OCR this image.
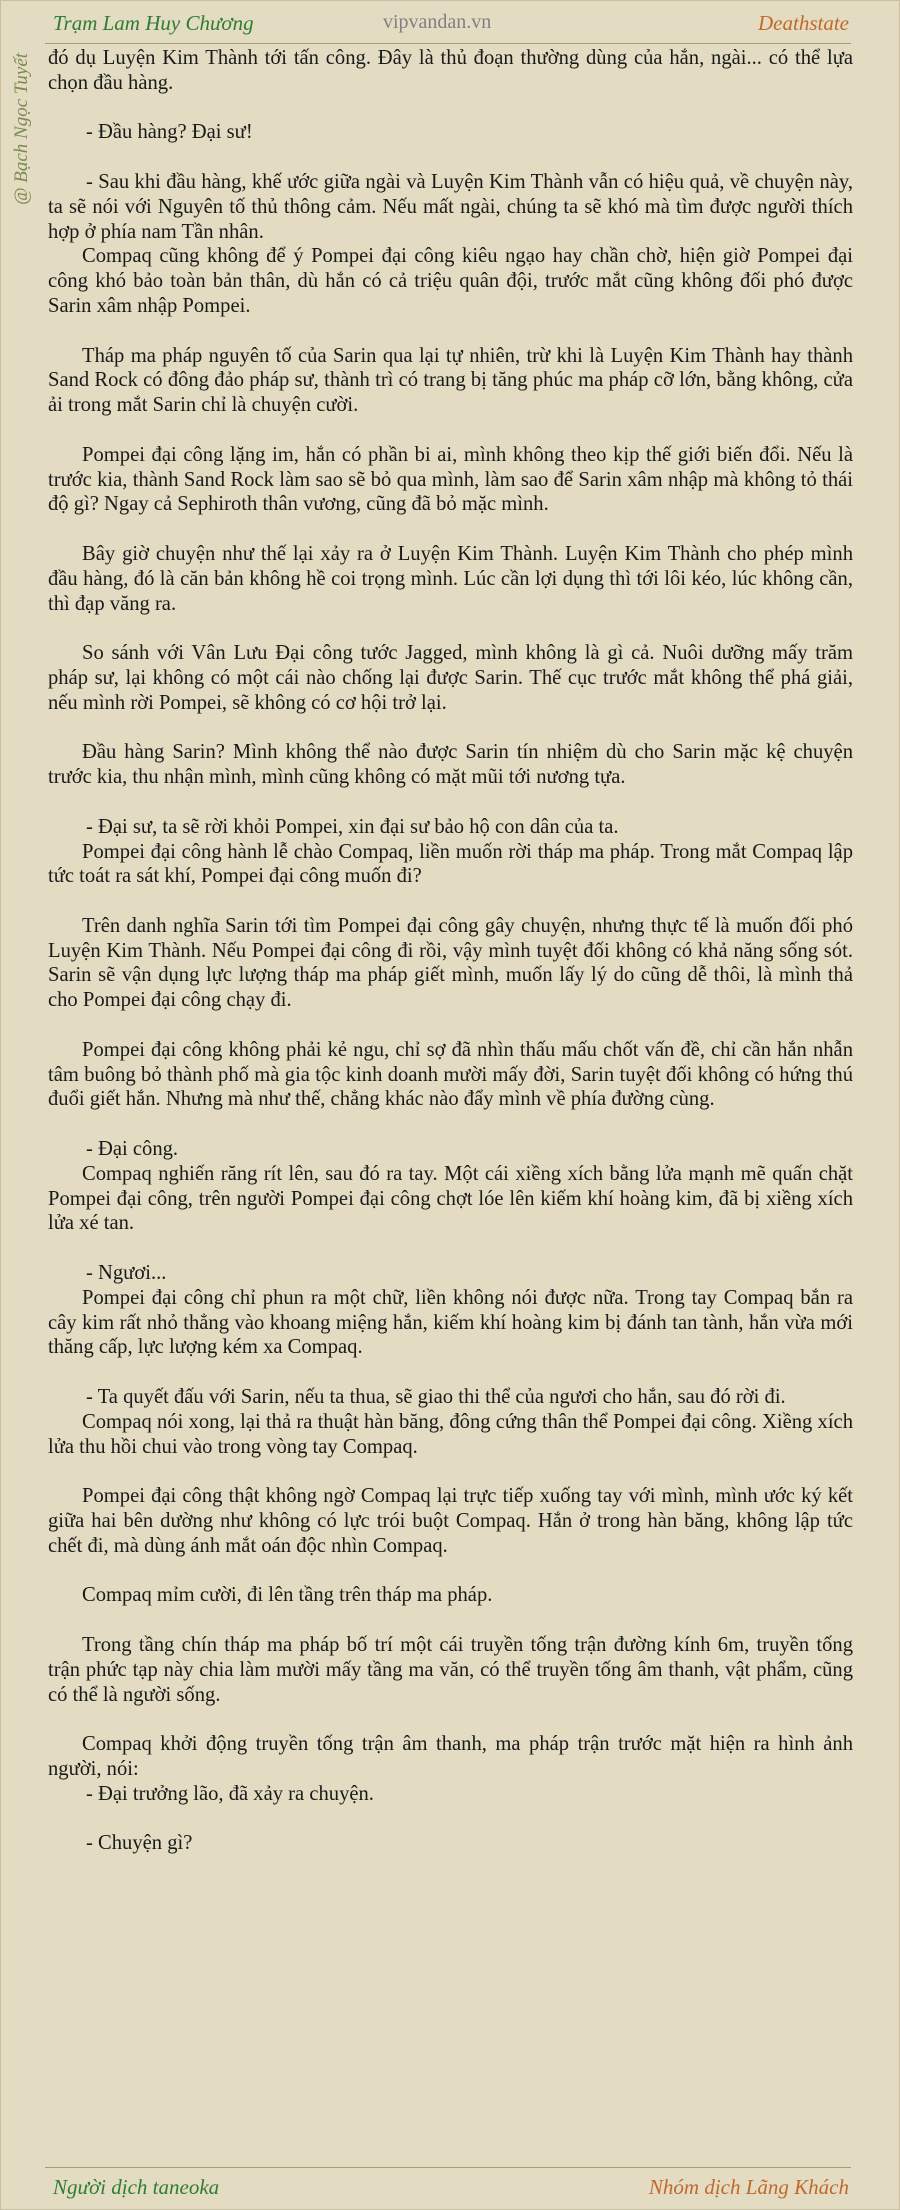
Trạm Lam Huy Chương	vipvandan.vn	Deathstate
@ Bạch Ngọc Tuyết đó dụ Luyện Kim Thành tới tấn công. Đây là thủ đoạn thường dùng của hắn, ngài... có thể lựa chọn đầu hàng.

- Đầu hàng? Đại sư!

- Sau khi đầu hàng, khế ước giữa ngài và Luyện Kim Thành vẫn có hiệu quả, về chuyện này, ta sẽ nói với Nguyên tố thủ thông cảm. Nếu mất ngài, chúng ta sẽ khó mà tìm được người thích hợp ở phía nam Tần nhân.

Compaq cũng không để ý Pompei đại công kiêu ngạo hay chần chờ, hiện giờ Pompei đại công khó bảo toàn bản thân, dù hắn có cả triệu quân đội, trước mắt cũng không đối phó được Sarin xâm nhập Pompei.

Tháp ma pháp nguyên tố của Sarin qua lại tự nhiên, trừ khi là Luyện Kim Thành hay thành Sand Rock có đông đảo pháp sư, thành trì có trang bị tăng phúc ma pháp cỡ lớn, bằng không, cửa ải trong mắt Sarin chỉ là chuyện cười.

Pompei đại công lặng im, hắn có phần bi ai, mình không theo kịp thế giới biến đổi. Nếu là trước kia, thành Sand Rock làm sao sẽ bỏ qua mình, làm sao để Sarin xâm nhập mà không tỏ thái độ gì? Ngay cả Sephiroth thân vương, cũng đã bỏ mặc mình.

Bây giờ chuyện như thế lại xảy ra ở Luyện Kim Thành. Luyện Kim Thành cho phép mình đầu hàng, đó là căn bản không hề coi trọng mình. Lúc cần lợi dụng thì tới lôi kéo, lúc không cần, thì đạp văng ra.

So sánh với Vân Lưu Đại công tước Jagged, mình không là gì cả. Nuôi dưỡng mấy trăm pháp sư, lại không có một cái nào chống lại được Sarin. Thế cục trước mắt không thể phá giải, nếu mình rời Pompei, sẽ không có cơ hội trở lại.

Đầu hàng Sarin? Mình không thể nào được Sarin tín nhiệm dù cho Sarin mặc kệ chuyện trước kia, thu nhận mình, mình cũng không có mặt mũi tới nương tựa.

- Đại sư, ta sẽ rời khỏi Pompei, xin đại sư bảo hộ con dân của ta.

Pompei đại công hành lễ chào Compaq, liền muốn rời tháp ma pháp. Trong mắt Compaq lập tức toát ra sát khí, Pompei đại công muốn đi?

Trên danh nghĩa Sarin tới tìm Pompei đại công gây chuyện, nhưng thực tế là muốn đối phó Luyện Kim Thành. Nếu Pompei đại công đi rồi, vậy mình tuyệt đối không có khả năng sống sót. Sarin sẽ vận dụng lực lượng tháp ma pháp giết mình, muốn lấy lý do cũng dễ thôi, là mình thả cho Pompei đại công chạy đi.

Pompei đại công không phải kẻ ngu, chỉ sợ đã nhìn thấu mấu chốt vấn đề, chỉ cần hắn nhẫn tâm buông bỏ thành phố mà gia tộc kinh doanh mười mấy đời, Sarin tuyệt đối không có hứng thú đuổi giết hắn. Nhưng mà như thế, chẳng khác nào đẩy mình về phía đường cùng.

- Đại công.

Compaq nghiến răng rít lên, sau đó ra tay. Một cái xiềng xích bằng lửa mạnh mẽ quấn chặt Pompei đại công, trên người Pompei đại công chợt lóe lên kiếm khí hoàng kim, đã bị xiềng xích lửa xé tan.

- Ngươi...

Pompei đại công chỉ phun ra một chữ, liền không nói được nữa. Trong tay Compaq bắn ra cây kim rất nhỏ thẳng vào khoang miệng hắn, kiếm khí hoàng kim bị đánh tan tành, hắn vừa mới thăng cấp, lực lượng kém xa Compaq.

- Ta quyết đấu với Sarin, nếu ta thua, sẽ giao thi thể của ngươi cho hắn, sau đó rời đi.

Compaq nói xong, lại thả ra thuật hàn băng, đông cứng thân thể Pompei đại công. Xiềng xích lửa thu hồi chui vào trong vòng tay Compaq.

Pompei đại công thật không ngờ Compaq lại trực tiếp xuống tay với mình, mình ước ký kết giữa hai bên dường như không có lực trói buột Compaq. Hắn ở trong hàn băng, không lập tức chết đi, mà dùng ánh mắt oán độc nhìn Compaq.

Compaq mỉm cười, đi lên tầng trên tháp ma pháp.

Trong tầng chín tháp ma pháp bố trí một cái truyền tống trận đường kính 6m, truyền tống trận phức tạp này chia làm mười mấy tầng ma văn, có thể truyền tống âm thanh, vật phẩm, cũng có thể là người sống.

Compaq khởi động truyền tống trận âm thanh, ma pháp trận trước mặt hiện ra hình ảnh người, nói:

- Đại trưởng lão, đã xảy ra chuyện.

- Chuyện gì?

Người dịch taneoka	Nhóm dịch Lãng Khách
